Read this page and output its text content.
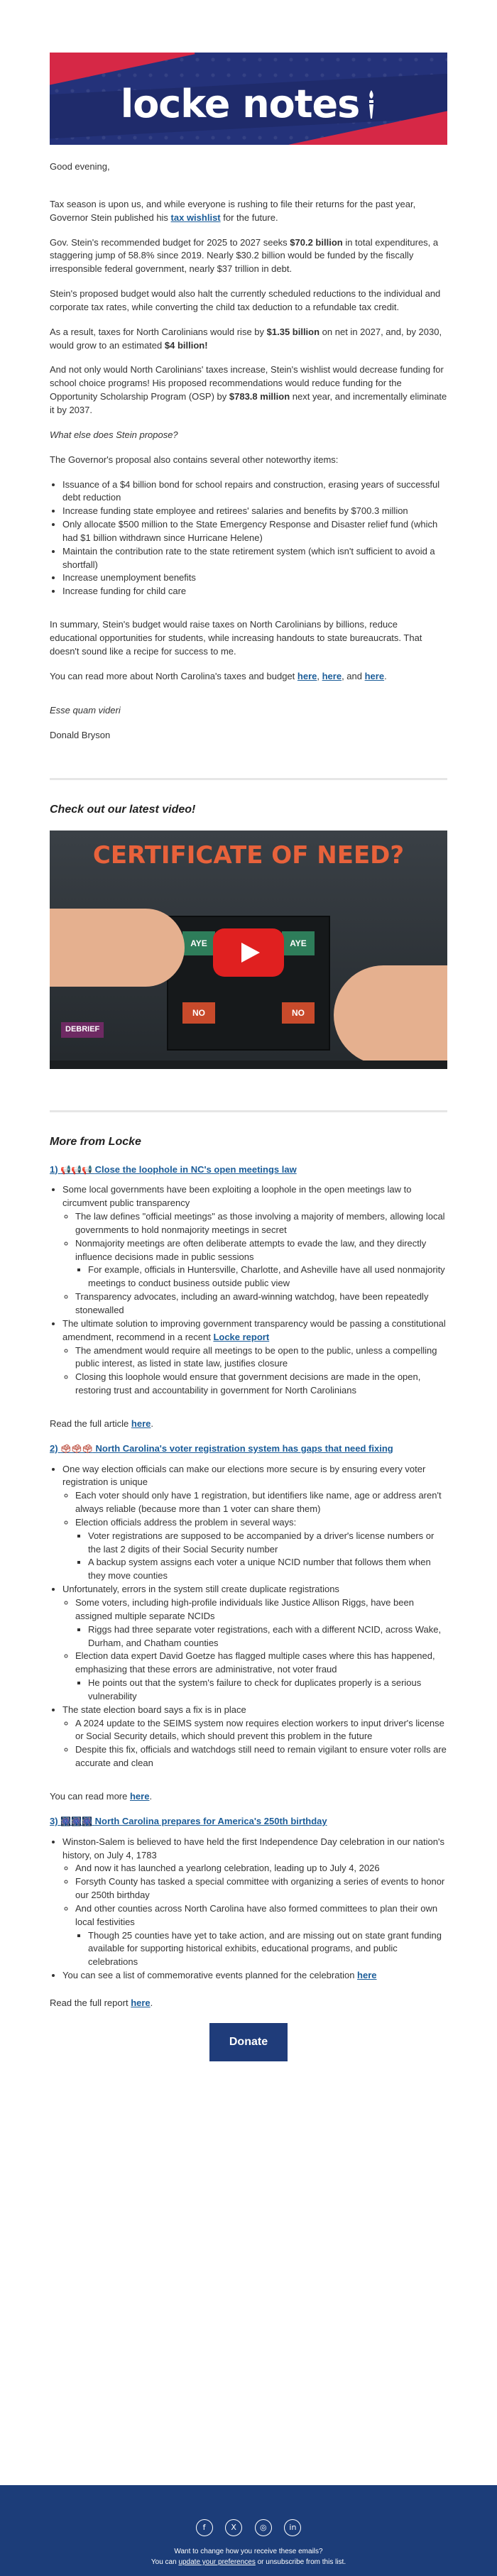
locke notes

Good evening,

Tax season is upon us, and while everyone is rushing to file their returns for the past year, Governor Stein published his tax wishlist for the future.

Gov. Stein's recommended budget for 2025 to 2027 seeks $70.2 billion in total expenditures, a staggering jump of 58.8% since 2019. Nearly $30.2 billion would be funded by the fiscally irresponsible federal government, nearly $37 trillion in debt.

Stein's proposed budget would also halt the currently scheduled reductions to the individual and corporate tax rates, while converting the child tax deduction to a refundable tax credit.

As a result, taxes for North Carolinians would rise by $1.35 billion on net in 2027, and, by 2030, would grow to an estimated $4 billion!

And not only would North Carolinians' taxes increase, Stein's wishlist would decrease funding for school choice programs! His proposed recommendations would reduce funding for the Opportunity Scholarship Program (OSP) by $783.8 million next year, and incrementally eliminate it by 2037.

What else does Stein propose?

The Governor's proposal also contains several other noteworthy items:

• Issuance of a $4 billion bond for school repairs and construction, erasing years of successful debt reduction
• Increase funding state employee and retirees' salaries and benefits by $700.3 million
• Only allocate $500 million to the State Emergency Response and Disaster relief fund (which had $1 billion withdrawn since Hurricane Helene)
• Maintain the contribution rate to the state retirement system (which isn't sufficient to avoid a shortfall)
• Increase unemployment benefits
• Increase funding for child care

In summary, Stein's budget would raise taxes on North Carolinians by billions, reduce educational opportunities for students, while increasing handouts to state bureaucrats. That doesn't sound like a recipe for success to me.

You can read more about North Carolina's taxes and budget here, here, and here.

Esse quam videri

Donald Bryson

Check out our latest video!
CERTIFICATE OF NEED?
AYE	AYE
NO	NO
DEBRIEF
More from Locke

1) 📢📢📢 Close the loophole in NC's open meetings law

• Some local governments have been exploiting a loophole in the open meetings law to circumvent public transparency
◦ The law defines "official meetings" as those involving a majority of members, allowing local governments to hold nonmajority meetings in secret
◦ Nonmajority meetings are often deliberate attempts to evade the law, and they directly influence decisions made in public sessions
▪ For example, officials in Huntersville, Charlotte, and Asheville have all used nonmajority meetings to conduct business outside public view
◦ Transparency advocates, including an award-winning watchdog, have been repeatedly stonewalled
• The ultimate solution to improving government transparency would be passing a constitutional amendment, recommend in a recent Locke report
◦ The amendment would require all meetings to be open to the public, unless a compelling public interest, as listed in state law, justifies closure
◦ Closing this loophole would ensure that government decisions are made in the open, restoring trust and accountability in government for North Carolinians

Read the full article here.

2) 🗳🗳🗳 North Carolina's voter registration system has gaps that need fixing

• One way election officials can make our elections more secure is by ensuring every voter registration is unique
◦ Each voter should only have 1 registration, but identifiers like name, age or address aren't always reliable (because more than 1 voter can share them)
◦ Election officials address the problem in several ways:
▪ Voter registrations are supposed to be accompanied by a driver's license numbers or the last 2 digits of their Social Security number
▪ A backup system assigns each voter a unique NCID number that follows them when they move counties
• Unfortunately, errors in the system still create duplicate registrations
◦ Some voters, including high-profile individuals like Justice Allison Riggs, have been assigned multiple separate NCIDs
▪ Riggs had three separate voter registrations, each with a different NCID, across Wake, Durham, and Chatham counties
◦ Election data expert David Goetze has flagged multiple cases where this has happened, emphasizing that these errors are administrative, not voter fraud
▪ He points out that the system's failure to check for duplicates properly is a serious vulnerability
• The state election board says a fix is in place
◦ A 2024 update to the SEIMS system now requires election workers to input driver's license or Social Security details, which should prevent this problem in the future
◦ Despite this fix, officials and watchdogs still need to remain vigilant to ensure voter rolls are accurate and clean

You can read more here.

3) 🎆🎆🎆 North Carolina prepares for America's 250th birthday

• Winston-Salem is believed to have held the first Independence Day celebration in our nation's history, on July 4, 1783
◦ And now it has launched a yearlong celebration, leading up to July 4, 2026
◦ Forsyth County has tasked a special committee with organizing a series of events to honor our 250th birthday
◦ And other counties across North Carolina have also formed committees to plan their own local festivities
▪ Though 25 counties have yet to take action, and are missing out on state grant funding available for supporting historical exhibits, educational programs, and public celebrations
• You can see a list of commemorative events planned for the celebration here

Read the full report here.

Donate
f	X	◎	in
Want to change how you receive these emails?
You can update your preferences or unsubscribe from this list.
